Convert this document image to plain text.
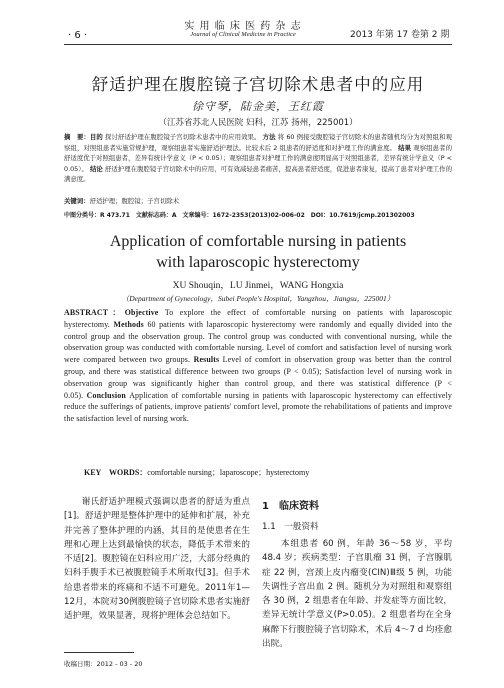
· 6 ·
实 用 临 床 医 药 杂 志
Journal of Clinical Medicine in Practice	2013 年第 17 卷第 2 期
舒适护理在腹腔镜子宫切除术患者中的应用
徐守琴，陆金美，王红霞
（江苏省苏北人民医院 妇科，江苏 扬州，225001）
摘　要：目的 探讨舒适护理在腹腔镜子宫切除术患者中的应用效果。 方法 将 60 例接受腹腔镜子宫切除术的患者随机均分为对照组和观察组，对照组患者实施常规护理，观察组患者实施舒适护理法。比较术后 2 组患者的舒适度和对护理工作的满意度。 结果 观察组患者的舒适度优于对照组患者，差异有统计学意义（P < 0.05）；观察组患者对护理工作的满意度明显高于对照组患者，差异有统计学意义（P < 0.05）。 结论 舒适护理在腹腔镜子宫切除术中的应用，可有效减轻患者痛苦，提高患者舒适度，促进患者康复，提高了患者对护理工作的满意度。
关键词：舒适护理；腹腔镜；子宫切除术
中图分类号：R 473.71　文献标志码：A　文章编号：1672-2353(2013)02-006-02　DOI：10.7619/jcmp.201302003
Application of comfortable nursing in patients
with laparoscopic hysterectomy
XU Shouqin，LU Jinmei，WANG Hongxia
（Department of Gynecology，Subei People's Hospital，Yangzhou，Jiangsu，225001）
ABSTRACT：Objective To explore the effect of comfortable nursing on patients with laparoscopic hysterectomy. Methods 60 patients with laparoscopic hysterectomy were randomly and equally divided into the control group and the observation group. The control group was conducted with conventional nursing, while the observation group was conducted with comfortable nursing. Level of comfort and satisfaction level of nursing work were compared between two groups. Results Level of comfort in observation group was better than the control group, and there was statistical difference between two groups (P < 0.05); Satisfaction level of nursing work in observation group was significantly higher than control group, and there was statistical difference (P < 0.05). Conclusion Application of comfortable nursing in patients with laparoscopic hysterectomy can effectively reduce the sufferings of patients, improve patients' comfort level, promote the rehabilitations of patients and improve the satisfaction level of nursing work.
KEY　WORDS：comfortable nursing；laparoscope；hysterectomy
　　谢氏舒适护理模式强调以患者的舒适为重点[1]。舒适护理是整体护理中的延伸和扩展，补充并完善了整体护理的内涵，其目的是使患者在生理和心理上达到最愉快的状态，降低手术带来的不适[2]。腹腔镜在妇科应用广泛，大部分经典的妇科手腹手术已被腹腔镜手术所取代[3]。但手术给患者带来的疼痛和不适不可避免。2011年1—12月，本院对30例腹腔镜子宫切除术患者实施舒适护理，效果显著，现将护理体会总结如下。
收稿日期：2012 - 03 - 20
1　临床资料
1.1　一般资料
　　本组患者 60 例，年龄 36～58 岁，平均 48.4 岁；疾病类型：子宫肌瘤 31 例，子宫腺肌症 22 例，宫颈上皮内瘤变(CIN)Ⅲ级 5 例，功能失调性子宫出血 2 例。随机分为对照组和观察组各 30 例，2 组患者在年龄、并发症等方面比较，差异无统计学意义(P>0.05)。2 组患者均在全身麻醉下行腹腔镜子宫切除术，术后 4～7 d 均痊愈出院。
